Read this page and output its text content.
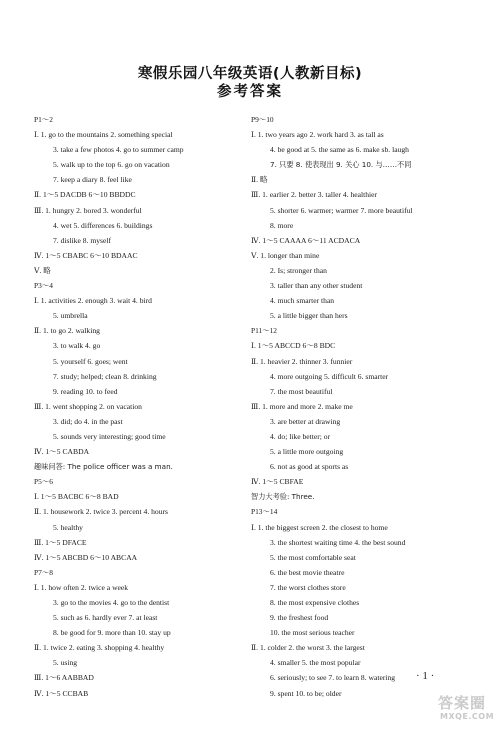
寒假乐园八年级英语(人教新目标)
参考答案
P1～2
Ⅰ. 1. go to the mountains 2. something special
3. take a few photos 4. go to summer camp
5. walk up to the top 6. go on vacation
7. keep a diary 8. feel like
Ⅱ. 1～5 DACDB 6～10 BBDDC
Ⅲ. 1. hungry 2. bored 3. wonderful
4. wet 5. differences 6. buildings
7. dislike 8. myself
Ⅳ. 1～5 CBABC 6～10 BDAAC
Ⅴ. 略
P3～4
Ⅰ. 1. activities 2. enough 3. wait 4. bird
5. umbrella
Ⅱ. 1. to go 2. walking
3. to walk 4. go
5. yourself 6. goes; went
7. study; helped; clean 8. drinking
9. reading 10. to feed
Ⅲ. 1. went shopping 2. on vacation
3. did; do 4. in the past
5. sounds very interesting; good time
Ⅳ. 1～5 CABDA
趣味问答: The police officer was a man.
P5～6
Ⅰ. 1～5 BACBC 6～8 BAD
Ⅱ. 1. housework 2. twice 3. percent 4. hours
5. healthy
Ⅲ. 1～5 DFACE
Ⅳ. 1～5 ABCBD 6～10 ABCAA
P7～8
Ⅰ. 1. how often 2. twice a week
3. go to the movies 4. go to the dentist
5. such as 6. hardly ever 7. at least
8. be good for 9. more than 10. stay up
Ⅱ. 1. twice 2. eating 3. shopping 4. healthy
5. using
Ⅲ. 1～6 AABBAD
Ⅳ. 1～5 CCBAB
P9～10
Ⅰ. 1. two years ago 2. work hard 3. as tall as
4. be good at 5. the same as 6. make sb. laugh
7. 只要 8. 使表现出 9. 关心 10. 与……不同
Ⅱ. 略
Ⅲ. 1. earlier 2. better 3. taller 4. healthier
5. shorter 6. warmer; warmer 7. more beautiful
8. more
Ⅳ. 1～5 CAAAA 6～11 ACDACA
Ⅴ. 1. longer than mine
2. Is; stronger than
3. taller than any other student
4. much smarter than
5. a little bigger than hers
P11～12
Ⅰ. 1～5 ABCCD 6～8 BDC
Ⅱ. 1. heavier 2. thinner 3. funnier
4. more outgoing 5. difficult 6. smarter
7. the most beautiful
Ⅲ. 1. more and more 2. make me
3. are better at drawing
4. do; like better; or
5. a little more outgoing
6. not as good at sports as
Ⅳ. 1～5 CBFAE
智力大考验: Three.
P13～14
Ⅰ. 1. the biggest screen 2. the closest to home
3. the shortest waiting time 4. the best sound
5. the most comfortable seat
6. the best movie theatre
7. the worst clothes store
8. the most expensive clothes
9. the freshest food
10. the most serious teacher
Ⅱ. 1. colder 2. the worst 3. the largest
4. smaller 5. the most popular
6. seriously; to see 7. to learn 8. watering
9. spent 10. to be; older
· 1 ·
答案圈
MXQE.COM
